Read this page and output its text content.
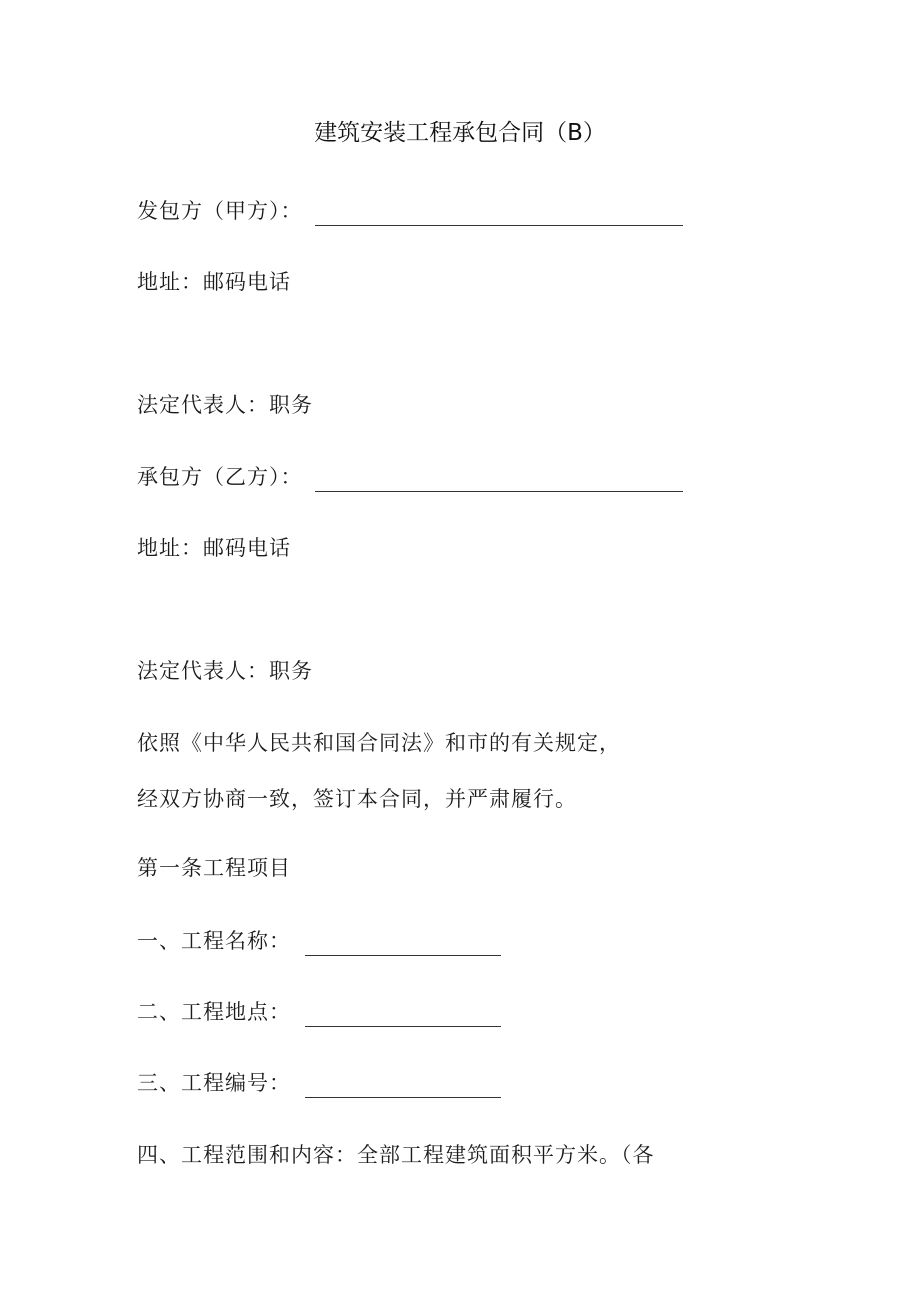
建筑安装工程承包合同（B）
发包方（甲方）：
地址：邮码电话
法定代表人：职务
承包方（乙方）：
地址：邮码电话
法定代表人：职务
依照《中华人民共和国合同法》和市的有关规定，
经双方协商一致，签订本合同，并严肃履行。
第一条工程项目
一、工程名称：
二、工程地点：
三、工程编号：
四、工程范围和内容：全部工程建筑面积平方米。（各
